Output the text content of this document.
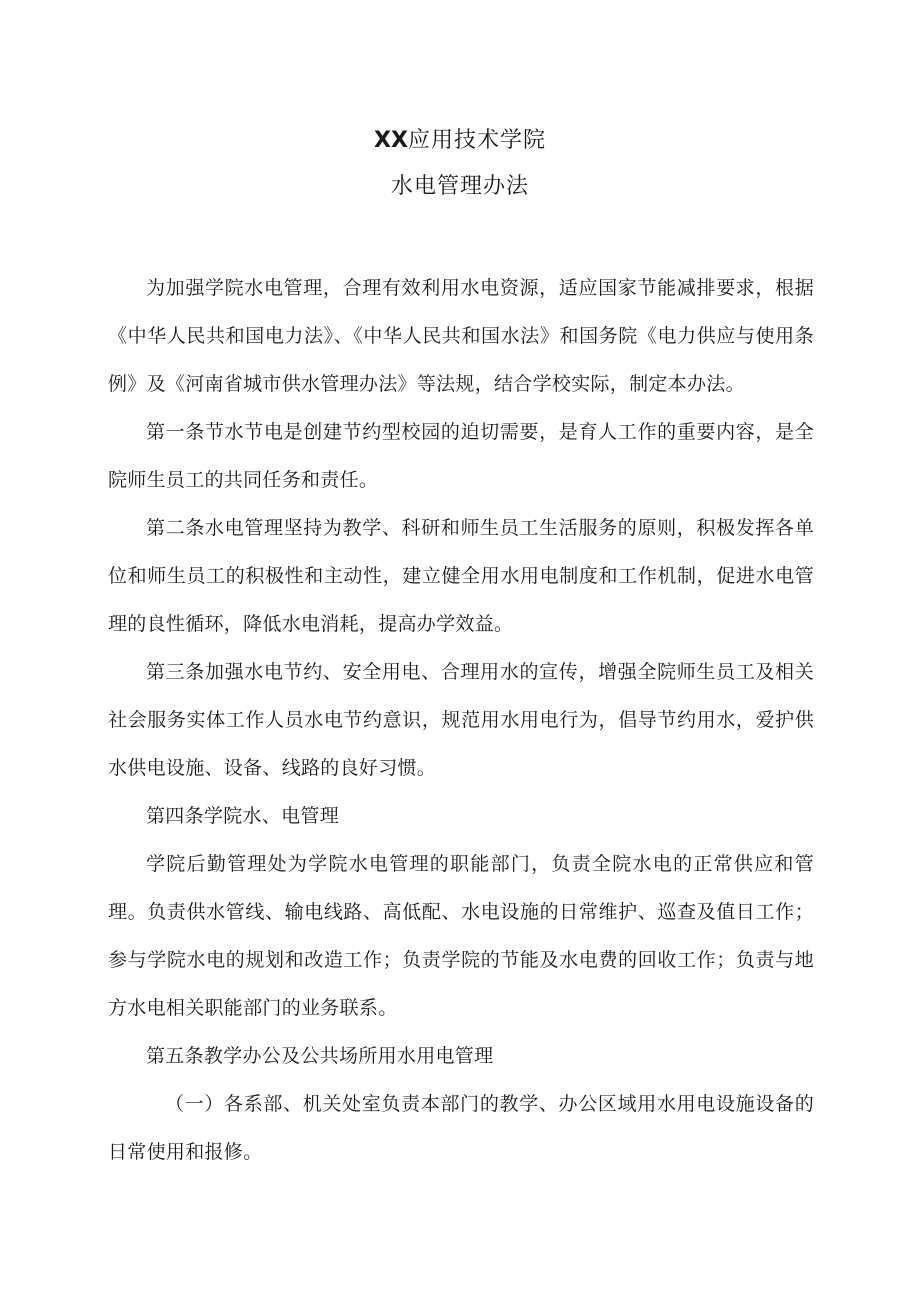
XX应用技术学院
水电管理办法

为加强学院水电管理，合理有效利用水电资源，适应国家节能减排要求，根据《中华人民共和国电力法》、《中华人民共和国水法》和国务院《电力供应与使用条例》及《河南省城市供水管理办法》等法规，结合学校实际，制定本办法。

第一条节水节电是创建节约型校园的迫切需要，是育人工作的重要内容，是全院师生员工的共同任务和责任。

第二条水电管理坚持为教学、科研和师生员工生活服务的原则，积极发挥各单位和师生员工的积极性和主动性，建立健全用水用电制度和工作机制，促进水电管理的良性循环，降低水电消耗，提高办学效益。

第三条加强水电节约、安全用电、合理用水的宣传，增强全院师生员工及相关社会服务实体工作人员水电节约意识，规范用水用电行为，倡导节约用水，爱护供水供电设施、设备、线路的良好习惯。

第四条学院水、电管理

学院后勤管理处为学院水电管理的职能部门，负责全院水电的正常供应和管理。负责供水管线、输电线路、高低配、水电设施的日常维护、巡查及值日工作；参与学院水电的规划和改造工作；负责学院的节能及水电费的回收工作；负责与地方水电相关职能部门的业务联系。

第五条教学办公及公共场所用水用电管理

（一）各系部、机关处室负责本部门的教学、办公区域用水用电设施设备的日常使用和报修。
